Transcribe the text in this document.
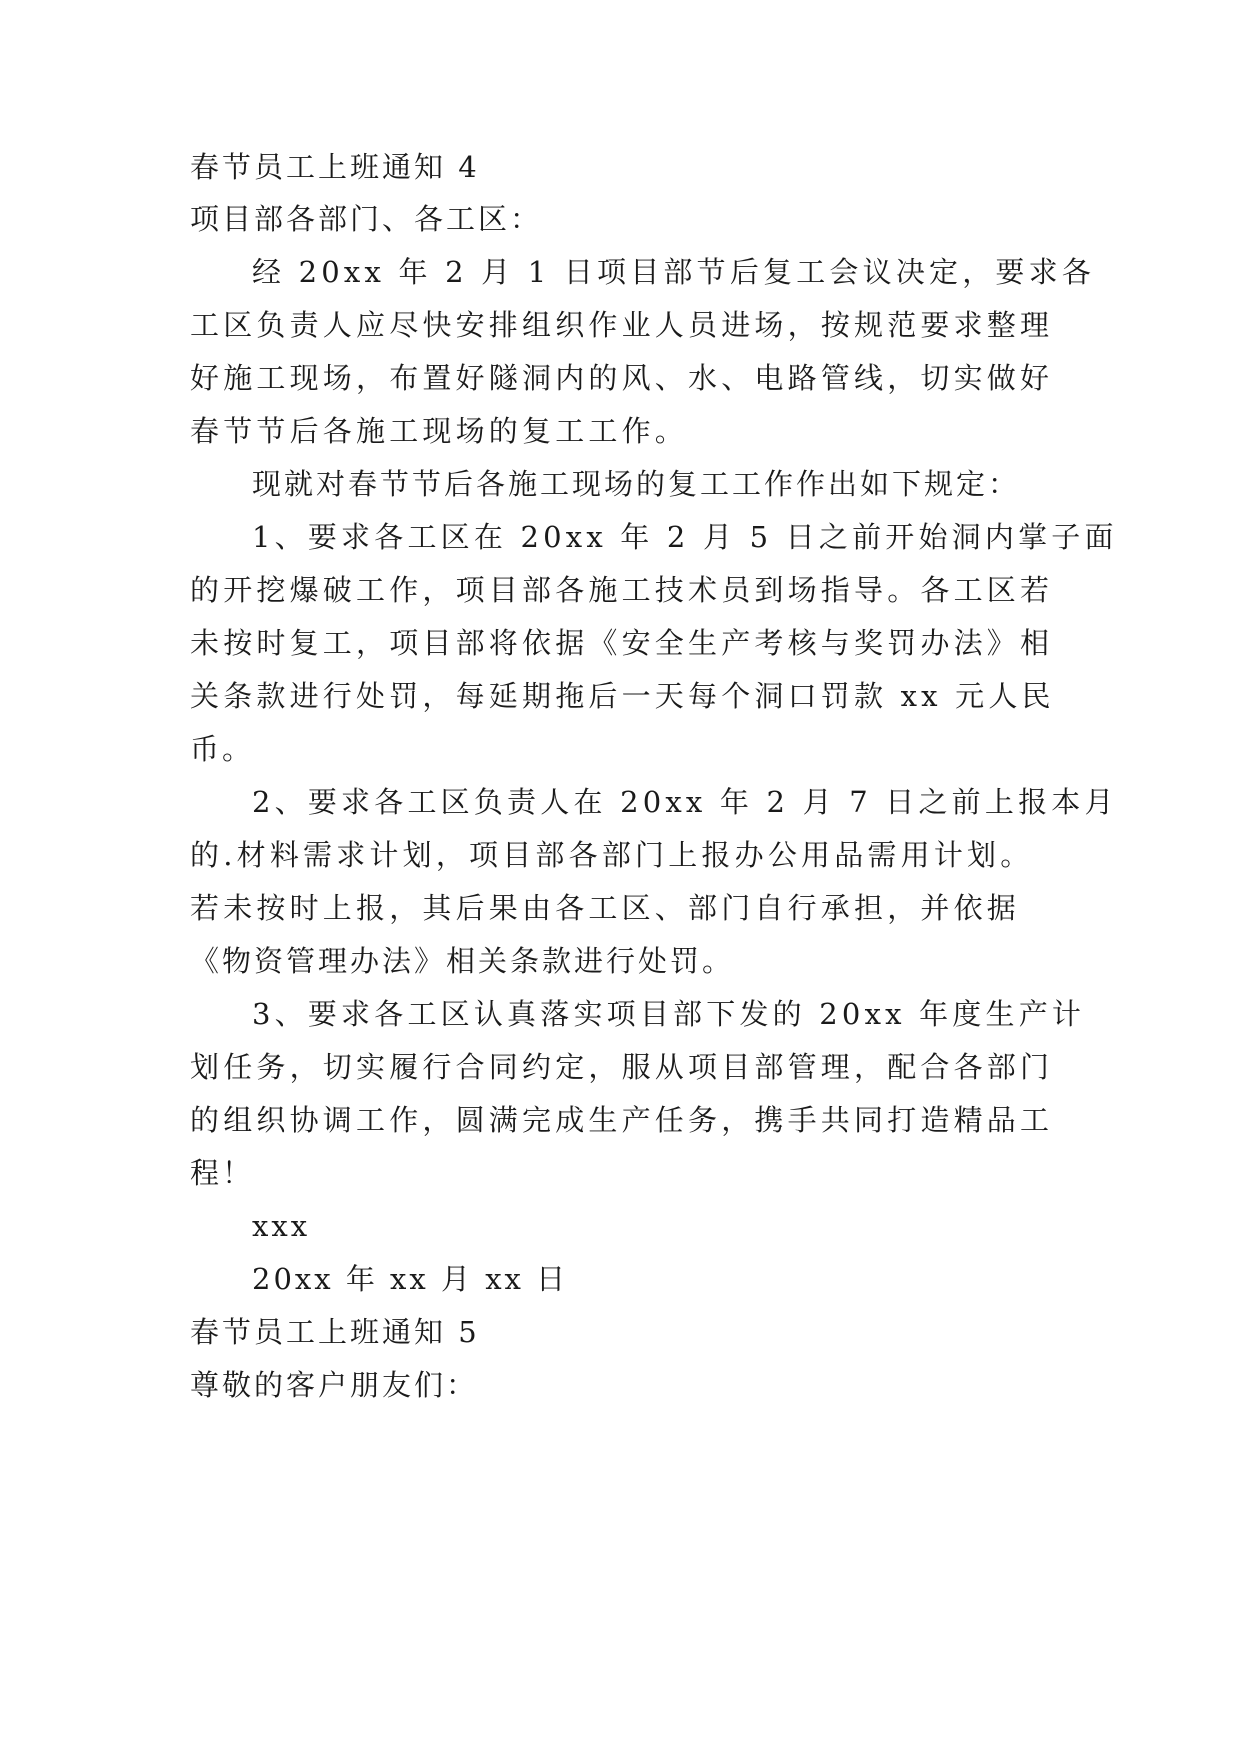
春节员工上班通知 4
项目部各部门、各工区：
经 20xx 年 2 月 1 日项目部节后复工会议决定，要求各
工区负责人应尽快安排组织作业人员进场，按规范要求整理
好施工现场，布置好隧洞内的风、水、电路管线，切实做好
春节节后各施工现场的复工工作。
现就对春节节后各施工现场的复工工作作出如下规定：
1、要求各工区在 20xx 年 2 月 5 日之前开始洞内掌子面
的开挖爆破工作，项目部各施工技术员到场指导。各工区若
未按时复工，项目部将依据《安全生产考核与奖罚办法》相
关条款进行处罚，每延期拖后一天每个洞口罚款 xx 元人民
币。
2、要求各工区负责人在 20xx 年 2 月 7 日之前上报本月
的.材料需求计划，项目部各部门上报办公用品需用计划。
若未按时上报，其后果由各工区、部门自行承担，并依据
《物资管理办法》相关条款进行处罚。
3、要求各工区认真落实项目部下发的 20xx 年度生产计
划任务，切实履行合同约定，服从项目部管理，配合各部门
的组织协调工作，圆满完成生产任务，携手共同打造精品工
程！
xxx
20xx 年 xx 月 xx 日
春节员工上班通知 5
尊敬的客户朋友们：
